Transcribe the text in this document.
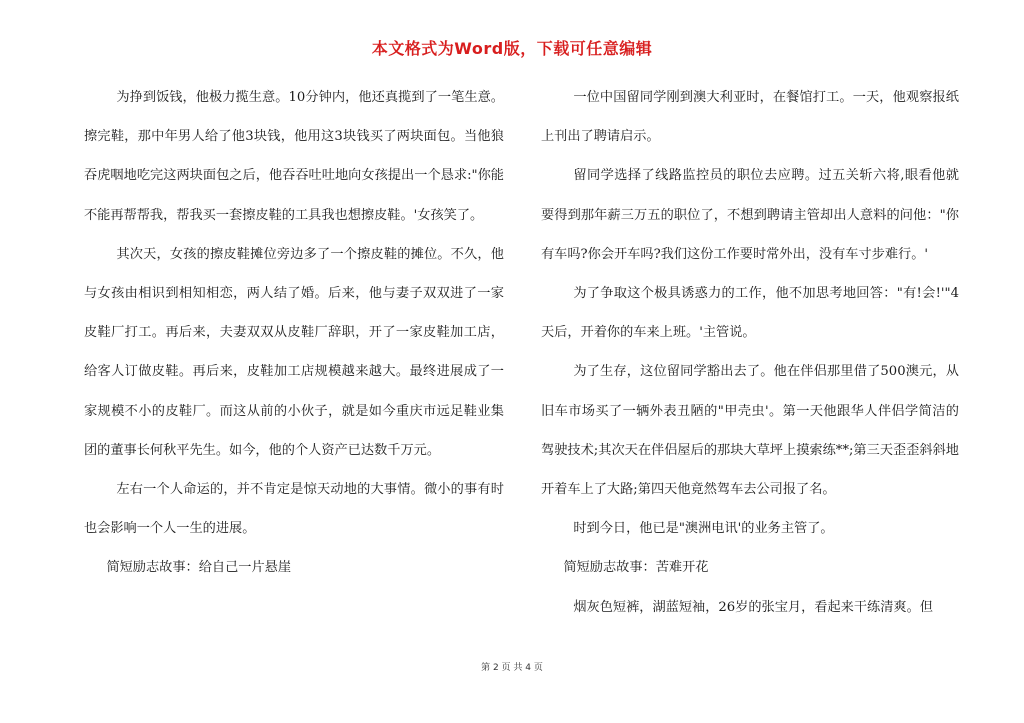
本文格式为Word版，下载可任意编辑

为挣到饭钱，他极力揽生意。10分钟内，他还真揽到了一笔生意。擦完鞋，那中年男人给了他3块钱，他用这3块钱买了两块面包。当他狼吞虎咽地吃完这两块面包之后，他吞吞吐吐地向女孩提出一个恳求:"你能不能再帮帮我，帮我买一套擦皮鞋的工具我也想擦皮鞋。'女孩笑了。

其次天，女孩的擦皮鞋摊位旁边多了一个擦皮鞋的摊位。不久，他与女孩由相识到相知相恋，两人结了婚。后来，他与妻子双双进了一家皮鞋厂打工。再后来，夫妻双双从皮鞋厂辞职，开了一家皮鞋加工店，给客人订做皮鞋。再后来，皮鞋加工店规模越来越大。最终进展成了一家规模不小的皮鞋厂。而这从前的小伙子，就是如今重庆市远足鞋业集团的董事长何秋平先生。如今，他的个人资产已达数千万元。

左右一个人命运的，并不肯定是惊天动地的大事情。微小的事有时也会影响一个人一生的进展。

简短励志故事：给自己一片悬崖

一位中国留同学刚到澳大利亚时，在餐馆打工。一天，他观察报纸上刊出了聘请启示。

留同学选择了线路监控员的职位去应聘。过五关斩六将,眼看他就要得到那年薪三万五的职位了，不想到聘请主管却出人意料的问他："你有车吗?你会开车吗?我们这份工作要时常外出，没有车寸步难行。'

为了争取这个极具诱惑力的工作，他不加思考地回答："有!会!'"4天后，开着你的车来上班。'主管说。

为了生存，这位留同学豁出去了。他在伴侣那里借了500澳元，从旧车市场买了一辆外表丑陋的"甲壳虫'。第一天他跟华人伴侣学简洁的驾驶技术;其次天在伴侣屋后的那块大草坪上摸索练**;第三天歪歪斜斜地开着车上了大路;第四天他竟然驾车去公司报了名。

时到今日，他已是"澳洲电讯'的业务主管了。

简短励志故事：苦难开花

烟灰色短裤，湖蓝短袖，26岁的张宝月，看起来干练清爽。但

第 2 页 共 4 页
